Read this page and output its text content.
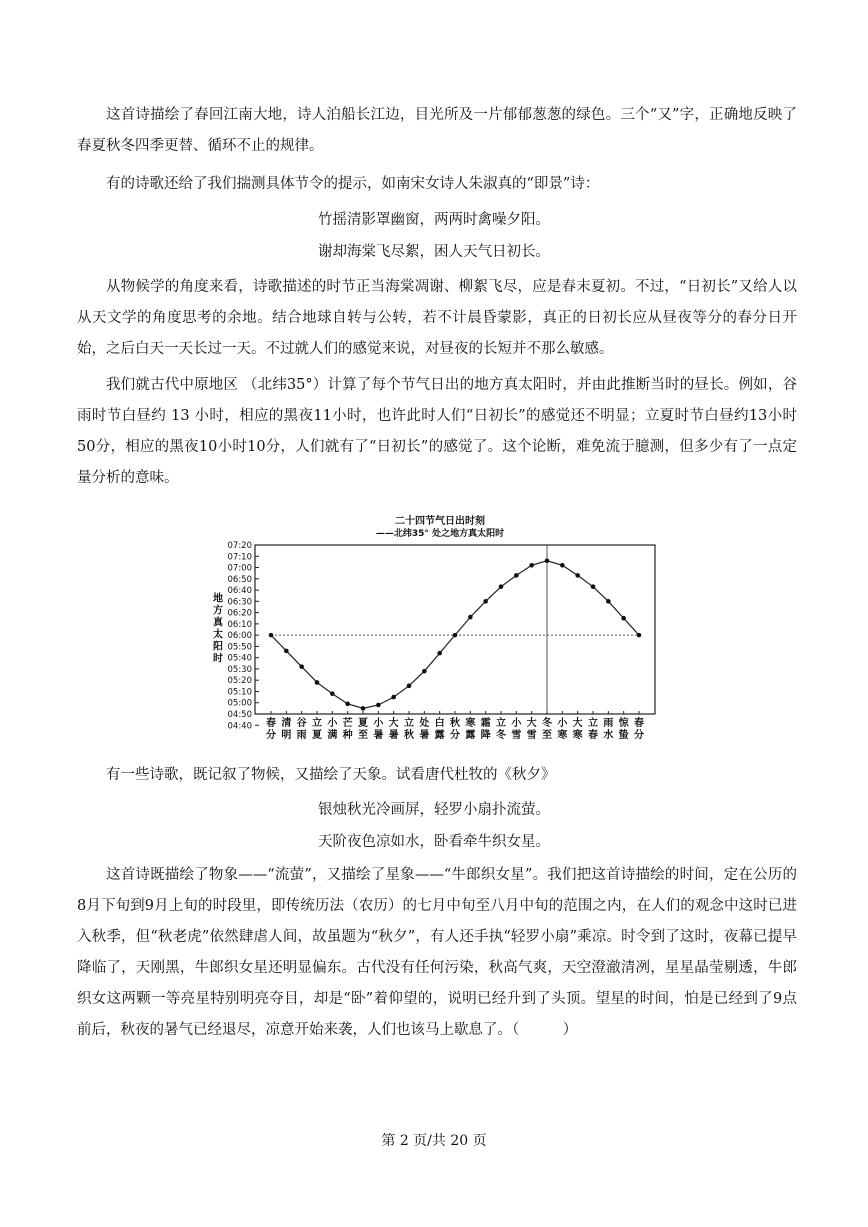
这首诗描绘了春回江南大地，诗人泊船长江边，目光所及一片郁郁葱葱的绿色。三个“又”字，正确地反映了春夏秋冬四季更替、循环不止的规律。

有的诗歌还给了我们揣测具体节令的提示，如南宋女诗人朱淑真的“即景”诗：

竹摇清影罩幽窗，两两时禽噪夕阳。

谢却海棠飞尽絮，困人天气日初长。

从物候学的角度来看，诗歌描述的时节正当海棠凋谢、柳絮飞尽，应是春末夏初。不过，“日初长”又给人以从天文学的角度思考的余地。结合地球自转与公转，若不计晨昏蒙影，真正的日初长应从昼夜等分的春分日开始，之后白天一天长过一天。不过就人们的感觉来说，对昼夜的长短并不那么敏感。

我们就古代中原地区 （北纬35°）计算了每个节气日出的地方真太阳时，并由此推断当时的昼长。例如，谷雨时节白昼约 13 小时，相应的黑夜11小时，也许此时人们“日初长”的感觉还不明显；立夏时节白昼约13小时50分，相应的黑夜10小时10分，人们就有了“日初长”的感觉了。这个论断，难免流于臆测，但多少有了一点定量分析的意味。

二十四节气日出时刻
——北纬35° 处之地方真太阳时
07:20
07:10
07:00
06:50
06:40
06:30
06:20
06:10
06:00
05:50
05:40
05:30
05:20
05:10
05:00
04:50
04:40
地
方
真
太
阳
时
春
分
清
明
谷
雨
立
夏
小
满
芒
种
夏
至
小
暑
大
暑
立
秋
处
暑
白
露
秋
分
寒
露
霜
降
立
冬
小
雪
大
雪
冬
至
小
寒
大
寒
立
春
雨
水
惊
蛰
春
分

有一些诗歌，既记叙了物候，又描绘了天象。试看唐代杜牧的《秋夕》

银烛秋光冷画屏，轻罗小扇扑流萤。

天阶夜色凉如水，卧看牵牛织女星。

这首诗既描绘了物象——“流萤”，又描绘了星象——“牛郎织女星”。我们把这首诗描绘的时间，定在公历的8月下旬到9月上旬的时段里，即传统历法（农历）的七月中旬至八月中旬的范围之内，在人们的观念中这时已进入秋季，但“秋老虎”依然肆虐人间，故虽题为“秋夕”，有人还手执“轻罗小扇”乘凉。时令到了这时，夜幕已提早降临了，天刚黑，牛郎织女星还明显偏东。古代没有任何污染，秋高气爽，天空澄澈清冽，星星晶莹剔透，牛郎织女这两颗一等亮星特别明亮夺目，却是“卧”着仰望的，说明已经升到了头顶。望星的时间，怕是已经到了9点前后，秋夜的暑气已经退尽，凉意开始来袭，人们也该马上歇息了。（　　　）

第 2 页/共 20 页
